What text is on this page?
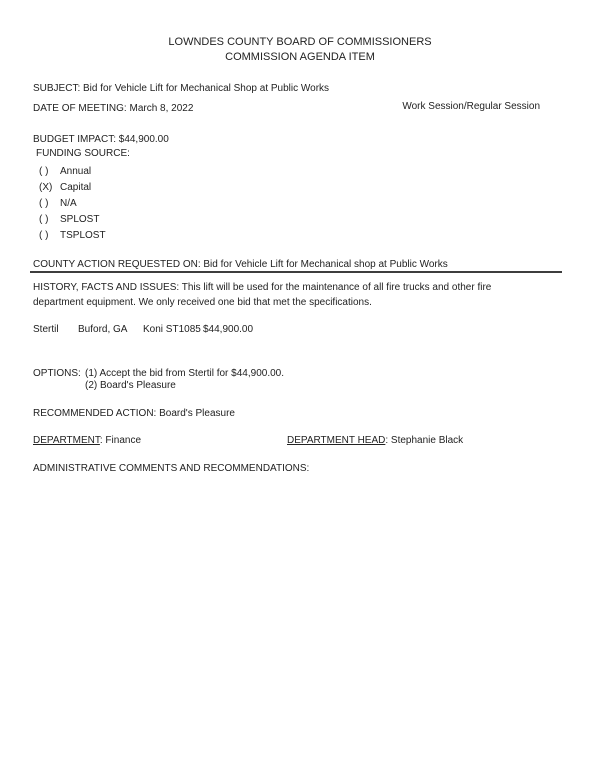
LOWNDES COUNTY BOARD OF COMMISSIONERS
COMMISSION AGENDA ITEM
SUBJECT: Bid for Vehicle Lift for Mechanical Shop at Public Works
DATE OF MEETING: March 8, 2022	Work Session/Regular Session
BUDGET IMPACT: $44,900.00
FUNDING SOURCE:
( ) Annual
(X) Capital
( ) N/A
( ) SPLOST
( ) TSPLOST
COUNTY ACTION REQUESTED ON: Bid for Vehicle Lift for Mechanical shop at Public Works
HISTORY, FACTS AND ISSUES: This lift will be used for the maintenance of all fire trucks and other fire
department equipment. We only received one bid that met the specifications.
Stertil Buford, GA Koni ST1085 $44,900.00
OPTIONS: (1) Accept the bid from Stertil for $44,900.00.
(2) Board's Pleasure
RECOMMENDED ACTION: Board's Pleasure
DEPARTMENT: Finance	DEPARTMENT HEAD: Stephanie Black
ADMINISTRATIVE COMMENTS AND RECOMMENDATIONS:
